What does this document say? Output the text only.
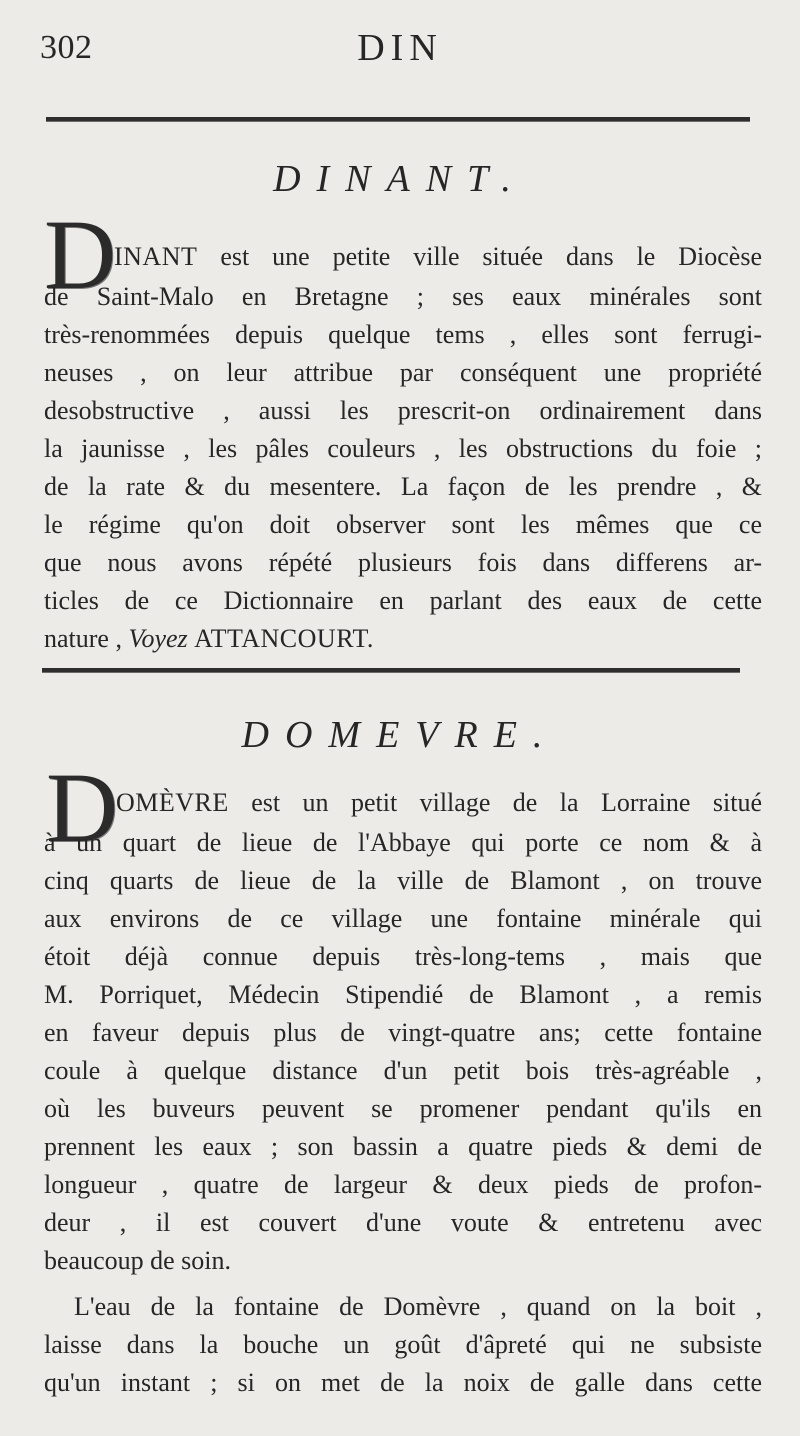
302	DIN
DINANT.
D
INANT est une petite ville située dans le Diocèse
de Saint-Malo en Bretagne ; ses eaux minérales sont
très-renommées depuis quelque tems , elles sont ferrugi-
neuses , on leur attribue par conséquent une propriété
desobstructive , aussi les prescrit-on ordinairement dans
la jaunisse , les pâles couleurs , les obstructions du foie ;
de la rate & du mesentere. La façon de les prendre , &
le régime qu'on doit observer sont les mêmes que ce
que nous avons répété plusieurs fois dans differens ar-
ticles de ce Dictionnaire en parlant des eaux de cette
nature , Voyez ATTANCOURT.
DOMEVRE.
D
OMÈVRE est un petit village de la Lorraine situé
à un quart de lieue de l'Abbaye qui porte ce nom & à
cinq quarts de lieue de la ville de Blamont , on trouve
aux environs de ce village une fontaine minérale qui
étoit déjà connue depuis très-long-tems , mais que
M. Porriquet, Médecin Stipendié de Blamont , a remis
en faveur depuis plus de vingt-quatre ans; cette fontaine
coule à quelque distance d'un petit bois très-agréable ,
où les buveurs peuvent se promener pendant qu'ils en
prennent les eaux ; son bassin a quatre pieds & demi de
longueur , quatre de largeur & deux pieds de profon-
deur , il est couvert d'une voute & entretenu avec
beaucoup de soin.
L'eau de la fontaine de Domèvre , quand on la boit ,
laisse dans la bouche un goût d'âpreté qui ne subsiste
qu'un instant ; si on met de la noix de galle dans cette
